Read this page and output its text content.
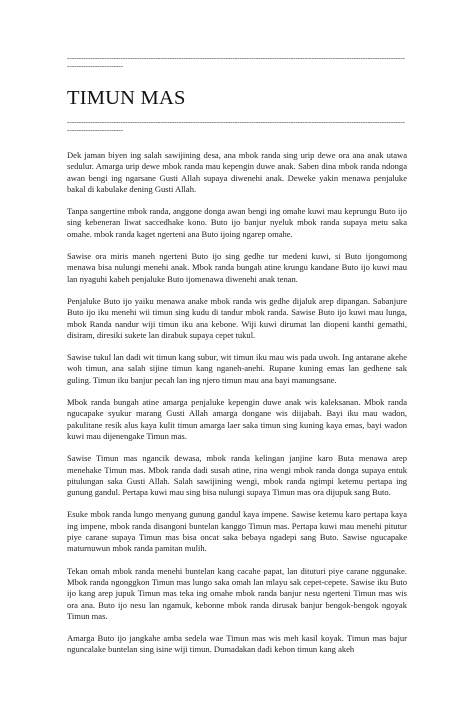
-------------------------------------------------------------------------------------------------------------------------------------------------------------------------
TIMUN MAS
-------------------------------------------------------------------------------------------------------------------------------------------------------------------------

Dek jaman biyen ing salah sawijining desa, ana mbok randa sing urip dewe ora ana anak utawa sedulur. Amarga urip dewe mbok randa mau kepengin duwe anak. Saben dina mbok randa ndonga awan bengi ing ngarsane Gusti Allah supaya diwenehi anak. Deweke yakin menawa penjaluke bakal di kabulake dening Gusti Allah.

Tanpa sangertine mbok randa, anggone donga awan bengi ing omahe kuwi mau keprungu Buto ijo sing kebeneran liwat saccedhake kono. Buto ijo banjur nyeluk mbok randa supaya metu saka omahe. mbok randa kaget ngerteni ana Buto ijoing ngarep omahe.

Sawise ora miris maneh ngerteni Buto ijo sing gedhe tur medeni kuwi, si Buto ijongomong menawa bisa nulungi menehi anak. Mbok randa bungah atine krungu kandane Buto ijo kuwi mau lan nyaguhi kabeh penjaluke Buto ijomenawa diwenehi anak tenan.

Penjaluke Buto ijo yaiku menawa anake mbok randa wis gedhe dijaluk arep dipangan. Sabanjure Buto ijo iku menehi wii timun sing kudu di tandur mbok randa. Sawise Buto ijo kuwi mau lunga, mbok Randa nandur wiji timun iku ana kebone. Wiji kuwi dirumat lan diopeni kanthi gemathi, disiram, diresiki sukete lan dirabuk supaya cepet tukul.

Sawise tukul lan dadi wit timun kang subur, wit timun iku mau wis pada uwoh. Ing antarane akehe woh timun, ana salah sijine timun kang nganeh-anehi. Rupane kuning emas lan gedhene sak guling. Timun iku banjur pecah lan ing njero timun mau ana bayi manungsane.

Mbok randa bungah atine amarga penjaluke kepengin duwe anak wis kaleksanan. Mbok randa ngucapake syukur marang Gusti Allah amarga dongane wis diijabah. Bayi iku mau wadon, pakulitane resik alus kaya kulit timun amarga laer saka timun sing kuning kaya emas, bayi wadon kuwi mau dijenengake Timun mas.

Sawise Timun mas ngancik dewasa, mbok randa kelingan janjine karo Buta menawa arep menehake Timun mas. Mbok randa dadi susah atine, rina wengi mbok randa donga supaya entuk pitulungan saka Gusti Allah. Salah sawijining wengi, mbok randa ngimpi ketemu pertapa ing gunung gandul. Pertapa kuwi mau sing bisa nulungi supaya Timun mas ora dijupuk sang Buto.

Esuke mbok randa lungo menyang gunung gandul kaya impene. Sawise ketemu karo pertapa kaya ing impene, mbok randa disangoni buntelan kanggo Timun mas. Pertapa kuwi mau menehi pitutur piye carane supaya Timun mas bisa oncat saka bebaya ngadepi sang Buto. Sawise ngucapake maturnuwun mbok randa pamitan mulih.

Tekan omah mbok randa menehi buntelan kang cacahe papat, lan dituturi piye carane nggunake. Mbok randa ngonggkon Timun mas lungo saka omah lan mlayu sak cepet-cepete. Sawise iku Buto ijo kang arep jupuk Timun mas teka ing omahe mbok randa banjur nesu ngerteni Timun mas wis ora ana. Buto ijo nesu lan ngamuk, kebonne mbok randa dirusak banjur bengok-bengok ngoyak Timun mas.

Amarga Buto ijo jangkahe amba sedela wae Timun mas wis meh kasil koyak. Timun mas bajur nguncalake buntelan sing isine wiji timun. Dumadakan dadi kebon timun kang akeh
